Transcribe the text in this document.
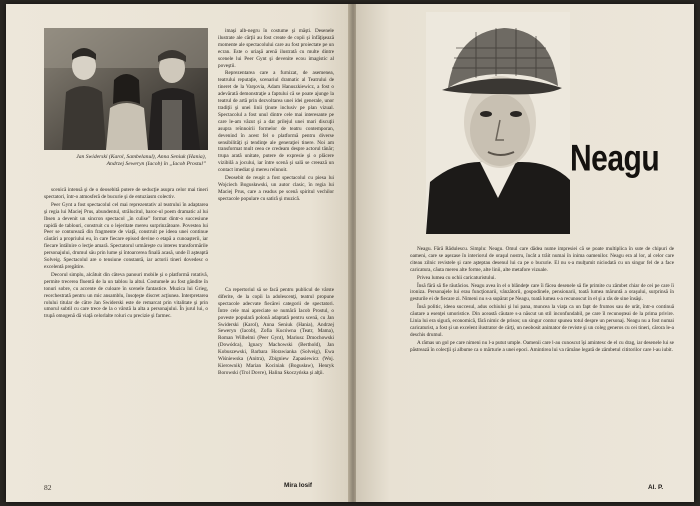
Jan Swiderski (Karol, Sambelanul), Anna Seniuk (Hania), Andrzej Seweryn (Iacob) în „Iacob Prostul”

imaşi alb-negru în costume şi măşti. Desenele ilustrate ale cărţii au fost create de copii şi înfăţişează momente ale spectacolului care au fost proiectate pe un ecran. Este o uriaşă arenă ilustrată cu multe dintre scenele lui Peer Gynt şi devenite ecou imagistic al poveştii.

Reprezentarea care a furnizat, de asemenea, teatrului reputaţie, scenariul dramatic al Teatrului de tineret de la Varşovia, Adam Hanuszkiewicz, a fost o adevărată demonstraţie a faptului că se poate ajunge la teatrul de artă prin dezvoltarea unei idei generale, unor tradiţii şi unei linii ţinute inclusiv pe plan vizual. Spectacolul a fost unul dintre cele mai interesante pe care le-am văzut şi a dat prilejul unei mari discuţii asupra reînnoirii formelor de teatru contemporan, devenind în acest fel o platformă pentru diverse sensibilităţi şi tendinţe ale generaţiei tinere. Noi am transformat mult ceea ce credeam despre actorul tânăr; trupa arată unitate, putere de expresie şi o plăcere vizibilă a jocului, iar între scenă şi sală se creează un contact imediat şi mereu reînnoit.

Deosebit de reuşit a fost spectacolul cu piesa lui Wojciech Bogusławski, un autor clasic, în regia lui Maciej Prus, care a readus pe scenă spiritul vechilor spectacole populare cu satiră şi muzică.

scenică intensă şi de o deosebită putere de seducţie asupra celor mai tineri spectatori, într-o atmosferă de bucurie şi de entuziasm colectiv.

Peer Gynt a fost spectacolul cel mai reprezentativ al teatrului în adaptarea şi regia lui Maciej Prus, abundentul, strălucitul, baroc-ul poem dramatic al lui Ibsen a devenit un sincron spectacol „în culise” format dintr-o succesiune rapidă de tablouri, construit cu o lejeritate mereu surprinzătoare. Povestea lui Peer se conturează din fragmente de viaţă, construit pe ideea unei continue căutări a propriului eu, în care fiecare episod devine o etapă a cunoaşterii, iar fiecare întâlnire o lecţie amară. Spectatorul urmăreşte cu interes transformările personajului, drumul său prin lume şi întoarcerea finală acasă, unde îl aşteaptă Solveig. Spectacolul are o tensiune constantă, iar actorii tineri dovedesc o excelentă pregătire.

Decorul simplu, alcătuit din câteva panouri mobile şi o platformă rotativă, permite trecerea fluentă de la un tablou la altul. Costumele au fost gândite în tonuri sobre, cu accente de culoare în scenele fantastice. Muzica lui Grieg, reorchestrată pentru un mic ansamblu, însoţeşte discret acţiunea. Interpretarea rolului titular de către Jan Swiderski este de remarcat prin vitalitate şi prin umorul subtil cu care trece de la o vârstă la alta a personajului. În jurul lui, o trupă omogenă dă viaţă celorlalte roluri cu precizie şi farmec.

Ca repertoriul să se facă pentru publicul de vârste diferite, de la copii la adolescenţi, teatrul propune spectacole adecvate fiecărei categorii de spectatori. Între cele mai apreciate se numără Iacob Prostul, o poveste populară polonă adaptată pentru scenă, cu Jan Swiderski (Karol), Anna Seniuk (Hania), Andrzej Seweryn (Iacob), Zofia Kucówna (Teatr, Mama), Roman Wilhelmi (Peer Gynt), Mariusz Dmochowski (Dowódca), Ignacy Machowski (Berthold), Jan Kobuszewski, Barbara Horawianka (Solveig), Ewa Wiśniewska (Anitra), Zbigniew Zapasiewicz (Woj. Kierownik) Marian Kociniak (Bogusław), Henryk Borowski (Trol Dovre), Halina Skoczyńska şi alţii.

Mira Iosif
82
Neagu

Neagu. Fără Rădulescu. Simplu: Neagu. Omul care dădea nume impresiei că se poate multiplica în sute de chipuri de oameni, care se aşezase în interiorul de oraşul nostru, încât a trăit numai în inima oamenilor. Neagu era al lor, al celor care citeau zilnic revistele şi care aşteptau desenul lui ca pe o bucurie. El nu s-a mulţumit niciodată cu un singur fel de a face caricatura, căuta mereu alte forme, alte linii, alte metafore vizuale.

Privea lumea cu ochii caricaturistului.

Însă fără să fie răutăcios. Neagu avea în el o blândeţe care îi făcea desenele să fie primite cu zâmbet chiar de cei pe care îi ironiza. Personajele lui erau funcţionarii, vânzătorii, gospodinele, pensionarii, toată lumea măruntă a oraşului, surprinsă în gesturile ei de fiecare zi. Nimeni nu s-a supărat pe Neagu, toată lumea s-a recunoscut în el şi a râs de sine însăşi.

Însă politic, ideea succesul, adus ochiului şi lui pana, muncea la viaţa ca un fapt de frumos sau de urât, într-o continuă căutare a esenţei umoristice. Din această căutare s-a născut un stil inconfundabil, pe care îl recunoşteai de la prima privire. Linia lui era sigură, economică, fără nimic de prisos; un singur contur spunea totul despre un personaj. Neagu nu a fost numai caricaturist, a fost şi un excelent ilustrator de cărţi, un neobosit animator de reviste şi un coleg generos cu cei tineri, cărora le-a deschis drumul.

A rămas un gol pe care nimeni nu l-a putut umple. Oamenii care l-au cunoscut îşi amintesc de el cu drag, iar desenele lui se păstrează în colecţii şi albume ca o mărturie a unei epoci. Amintirea lui va rămâne legată de zâmbetul cititorilor care l-au iubit.

Al. P.
